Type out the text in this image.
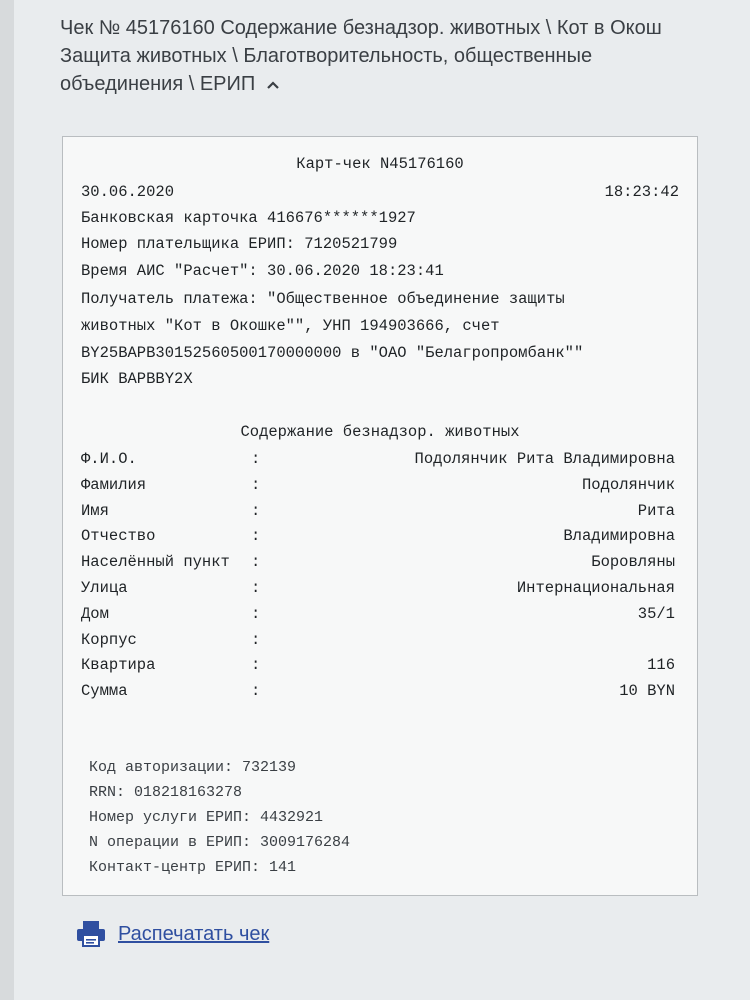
Чек № 45176160 Содержание безнадзор. животных \ Кот в Окош
Защита животных \ Благотворительность, общественные
объединения \ ЕРИП
Карт-чек N45176160
30.06.2020	18:23:42
Банковская карточка 416676******1927
Номер плательщика ЕРИП: 7120521799
Время АИС "Расчет": 30.06.2020 18:23:41
Получатель платежа: "Общественное объединение защиты
животных "Кот в Окошке"", УНП 194903666, счет
BY25BAPB30152560500170000000 в "ОАО "Белагропромбанк""
БИК BAPBBY2X
Содержание безнадзор. животных
Ф.И.О.	:	Подолянчик Рита Владимировна
Фамилия	:	Подолянчик
Имя	:	Рита
Отчество	:	Владимировна
Населённый пункт :	Боровляны
Улица	:	Интернациональная
Дом	:	35/1
Корпус	:
Квартира	:	116
Сумма	:	10 BYN
Код авторизации: 732139
RRN: 018218163278
Номер услуги ЕРИП: 4432921
N операции в ЕРИП: 3009176284
Контакт-центр ЕРИП: 141
Распечатать чек
